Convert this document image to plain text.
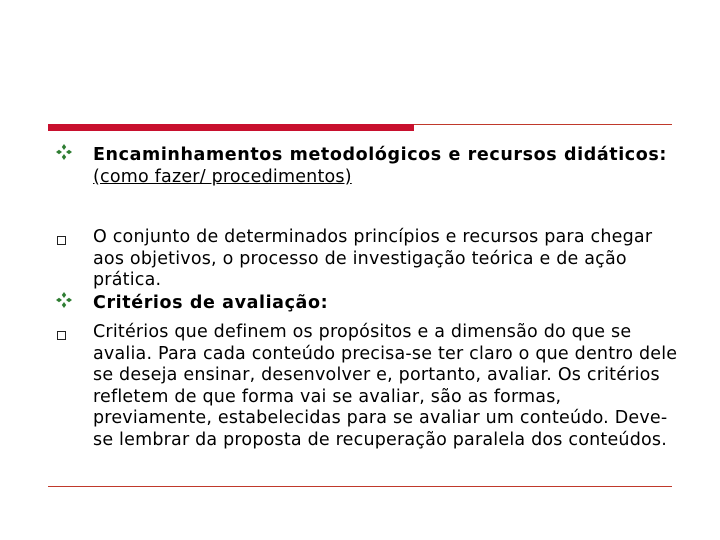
Encaminhamentos metodológicos e recursos didáticos: (como fazer/ procedimentos)
O conjunto de determinados princípios e recursos para chegar aos objetivos, o processo de investigação teórica e de ação prática.
Critérios de avaliação:
Critérios que definem os propósitos e a dimensão do que se avalia. Para cada conteúdo precisa-se ter claro o que dentro dele se deseja ensinar, desenvolver e, portanto, avaliar. Os critérios refletem de que forma vai se avaliar, são as formas, previamente, estabelecidas para se avaliar um conteúdo. Deve-se lembrar da proposta de recuperação paralela dos conteúdos.
